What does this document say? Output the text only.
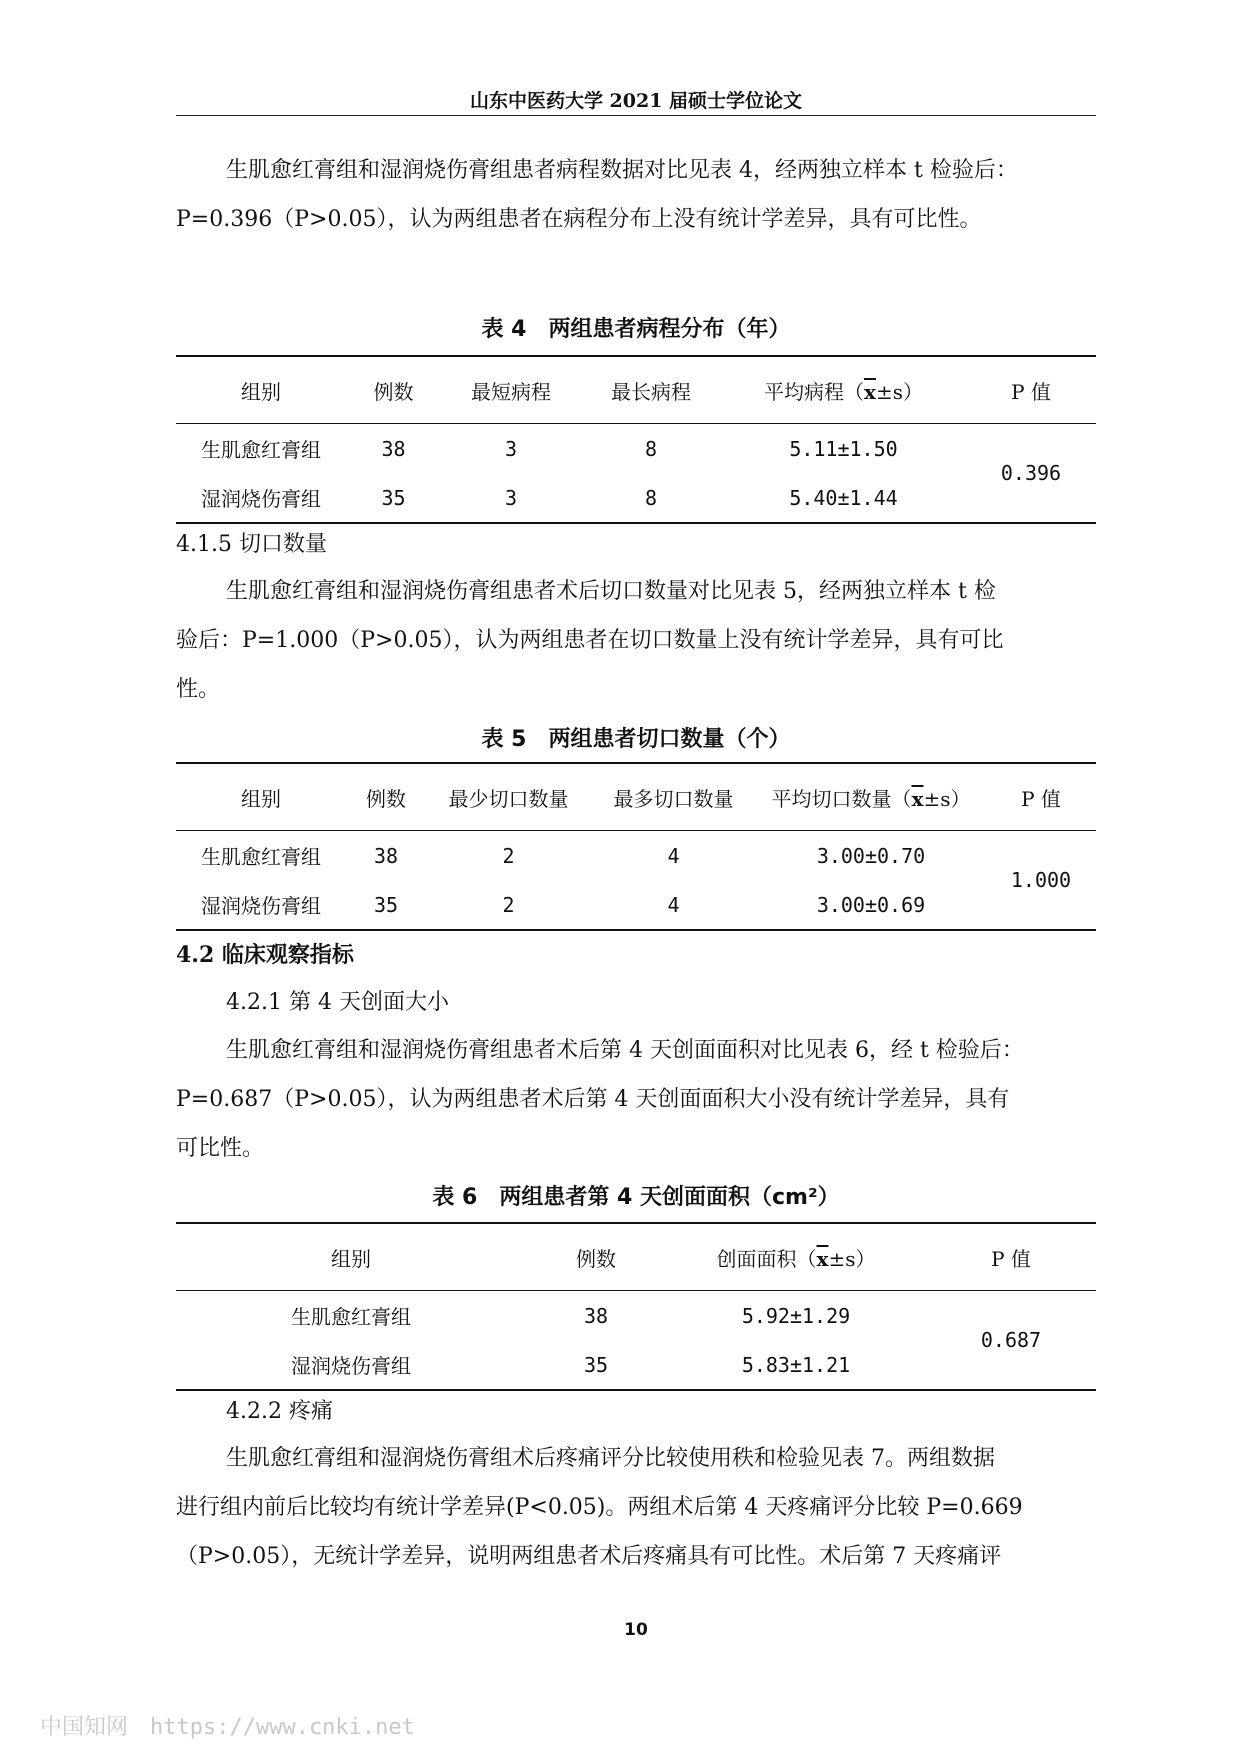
山东中医药大学 2021 届硕士学位论文

生肌愈红膏组和湿润烧伤膏组患者病程数据对比见表 4，经两独立样本 t 检验后：

P=0.396（P>0.05），认为两组患者在病程分布上没有统计学差异，具有可比性。

表 4　两组患者病程分布（年）
组别	例数	最短病程	最长病程	平均病程$(\overline{x}\pm s)$	P 值
生肌愈红膏组	38	3	8	5.11±1.50	0.396
湿润烧伤膏组	35	3	8	5.40±1.44	
4.1.5 切口数量

生肌愈红膏组和湿润烧伤膏组患者术后切口数量对比见表 5，经两独立样本 t 检

验后：P=1.000（P>0.05），认为两组患者在切口数量上没有统计学差异，具有可比

性。

表 5　两组患者切口数量（个）
组别	例数	最少切口数量	最多切口数量	平均切口数量$(\overline{x}\pm s)$	P 值
生肌愈红膏组	38	2	4	3.00±0.70	1.000
湿润烧伤膏组	35	2	4	3.00±0.69	
4.2 临床观察指标
4.2.1 第 4 天创面大小

生肌愈红膏组和湿润烧伤膏组患者术后第 4 天创面面积对比见表 6，经 t 检验后：

P=0.687（P>0.05），认为两组患者术后第 4 天创面面积大小没有统计学差异，具有

可比性。

表 6　两组患者第 4 天创面面积（cm²）
组别	例数	创面面积$(\overline{x}\pm s)$	P 值
生肌愈红膏组	38	5.92±1.29	0.687
湿润烧伤膏组	35	5.83±1.21	
4.2.2 疼痛

生肌愈红膏组和湿润烧伤膏组术后疼痛评分比较使用秩和检验见表 7。两组数据

进行组内前后比较均有统计学差异(P<0.05)。两组术后第 4 天疼痛评分比较 P=0.669

（P>0.05），无统计学差异，说明两组患者术后疼痛具有可比性。术后第 7 天疼痛评

10
中国知网　https://www.cnki.net
